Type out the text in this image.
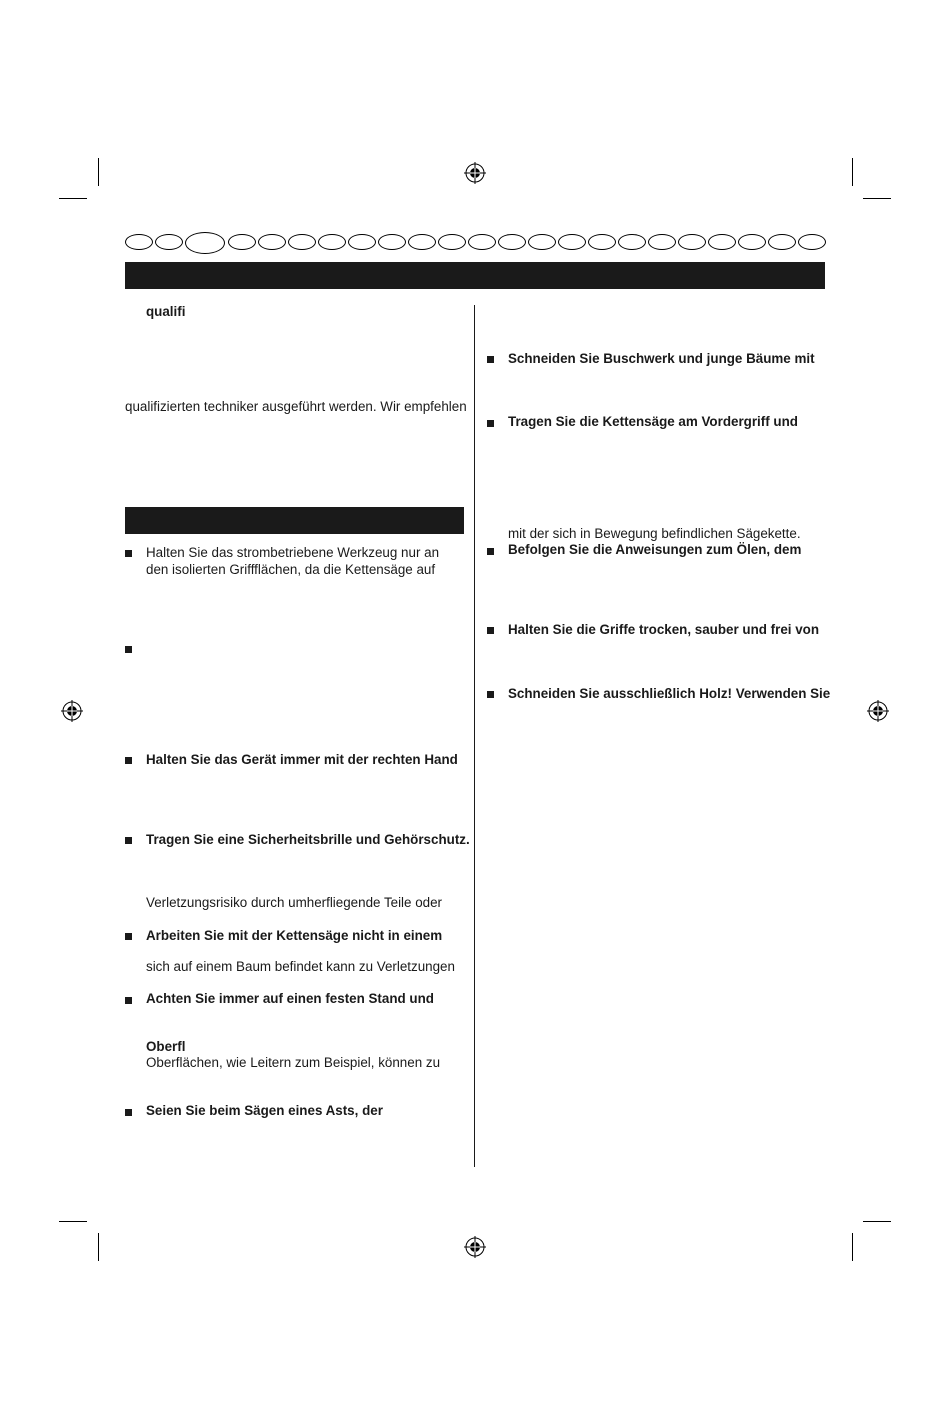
qualifi
qualifizierten techniker ausgeführt werden. Wir empfehlen
Halten Sie das strombetriebene Werkzeug nur an
den isolierten Griffflächen, da die Kettensäge auf
Halten Sie das Gerät immer mit der rechten Hand
Tragen Sie eine Sicherheitsbrille und Gehörschutz.
Verletzungsrisiko durch umherfliegende Teile oder
Arbeiten Sie mit der Kettensäge nicht in einem
sich auf einem Baum befindet kann zu Verletzungen
Achten Sie immer auf einen festen Stand und
Oberfl
Oberflächen, wie Leitern zum Beispiel, können zu
Seien Sie beim Sägen eines Asts, der
Schneiden Sie Buschwerk und junge Bäume mit
Tragen Sie die Kettensäge am Vordergriff und
mit der sich in Bewegung befindlichen Sägekette.
Befolgen Sie die Anweisungen zum Ölen, dem
Halten Sie die Griffe trocken, sauber und frei von
Schneiden Sie ausschließlich Holz! Verwenden Sie
